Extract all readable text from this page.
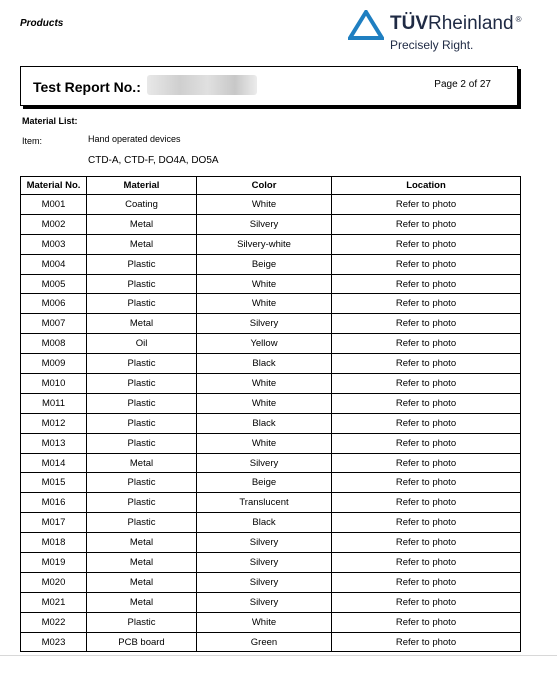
Products	TÜVRheinland ®
Precisely Right.
Test Report No.:	Page 2 of 27
Material List:
Item:	Hand operated devices
CTD-A, CTD-F, DO4A, DO5A
Material No.	Material	Color	Location
M001	Coating	White	Refer to photo
M002	Metal	Silvery	Refer to photo
M003	Metal	Silvery-white	Refer to photo
M004	Plastic	Beige	Refer to photo
M005	Plastic	White	Refer to photo
M006	Plastic	White	Refer to photo
M007	Metal	Silvery	Refer to photo
M008	Oil	Yellow	Refer to photo
M009	Plastic	Black	Refer to photo
M010	Plastic	White	Refer to photo
M011	Plastic	White	Refer to photo
M012	Plastic	Black	Refer to photo
M013	Plastic	White	Refer to photo
M014	Metal	Silvery	Refer to photo
M015	Plastic	Beige	Refer to photo
M016	Plastic	Translucent	Refer to photo
M017	Plastic	Black	Refer to photo
M018	Metal	Silvery	Refer to photo
M019	Metal	Silvery	Refer to photo
M020	Metal	Silvery	Refer to photo
M021	Metal	Silvery	Refer to photo
M022	Plastic	White	Refer to photo
M023	PCB board	Green	Refer to photo
